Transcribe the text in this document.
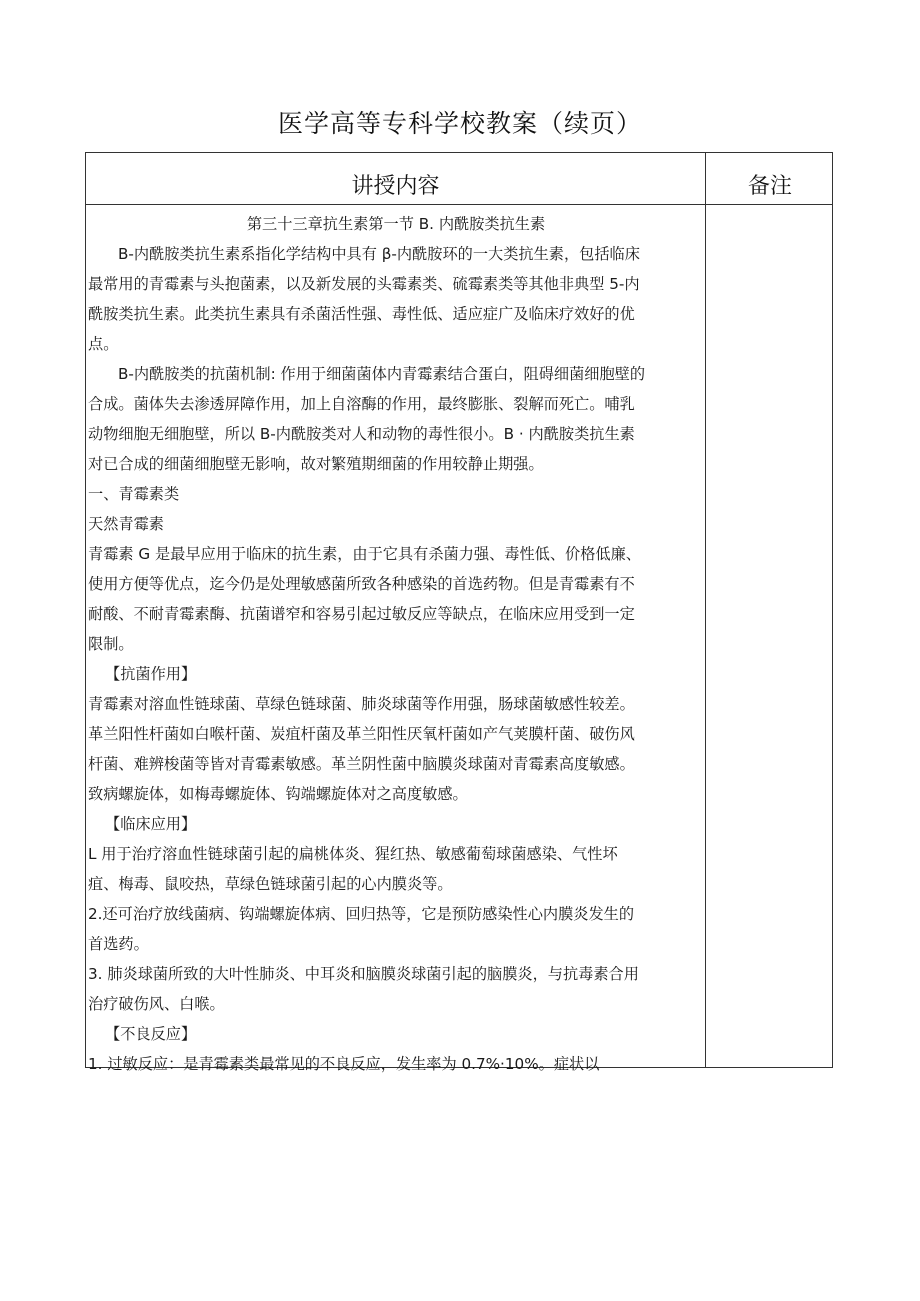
医学高等专科学校教案（续页）
讲授内容	备注

第三十三章抗生素第一节 B. 内酰胺类抗生素

B-内酰胺类抗生素系指化学结构中具有 β-内酰胺环的一大类抗生素，包括临床

最常用的青霉素与头抱菌素，以及新发展的头霉素类、硫霉素类等其他非典型 5-内

酰胺类抗生素。此类抗生素具有杀菌活性强、毒性低、适应症广及临床疗效好的优

点。

B-内酰胺类的抗菌机制: 作用于细菌菌体内青霉素结合蛋白，阻碍细菌细胞壁的

合成。菌体失去渗透屏障作用，加上自溶酶的作用，最终膨胀、裂解而死亡。哺乳

动物细胞无细胞壁，所以 B-内酰胺类对人和动物的毒性很小。B · 内酰胺类抗生素

对已合成的细菌细胞壁无影响，故对繁殖期细菌的作用较静止期强。

一、青霉素类

天然青霉素

青霉素 G 是最早应用于临床的抗生素，由于它具有杀菌力强、毒性低、价格低廉、

使用方便等优点，迄今仍是处理敏感菌所致各种感染的首选药物。但是青霉素有不

耐酸、不耐青霉素酶、抗菌谱窄和容易引起过敏反应等缺点，在临床应用受到一定

限制。

【抗菌作用】

青霉素对溶血性链球菌、草绿色链球菌、肺炎球菌等作用强，肠球菌敏感性较差。

革兰阳性杆菌如白喉杆菌、炭疽杆菌及革兰阳性厌氧杆菌如产气荚膜杆菌、破伤风

杆菌、难辨梭菌等皆对青霉素敏感。革兰阴性菌中脑膜炎球菌对青霉素高度敏感。

致病螺旋体，如梅毒螺旋体、钩端螺旋体对之高度敏感。

【临床应用】

L 用于治疗溶血性链球菌引起的扁桃体炎、猩红热、敏感葡萄球菌感染、气性坏

疽、梅毒、鼠咬热，草绿色链球菌引起的心内膜炎等。

2.还可治疗放线菌病、钩端螺旋体病、回归热等，它是预防感染性心内膜炎发生的

首选药。

3. 肺炎球菌所致的大叶性肺炎、中耳炎和脑膜炎球菌引起的脑膜炎，与抗毒素合用

治疗破伤风、白喉。

【不良反应】

1. 过敏反应：是青霉素类最常见的不良反应，发生率为 0.7%·10%。症状以
